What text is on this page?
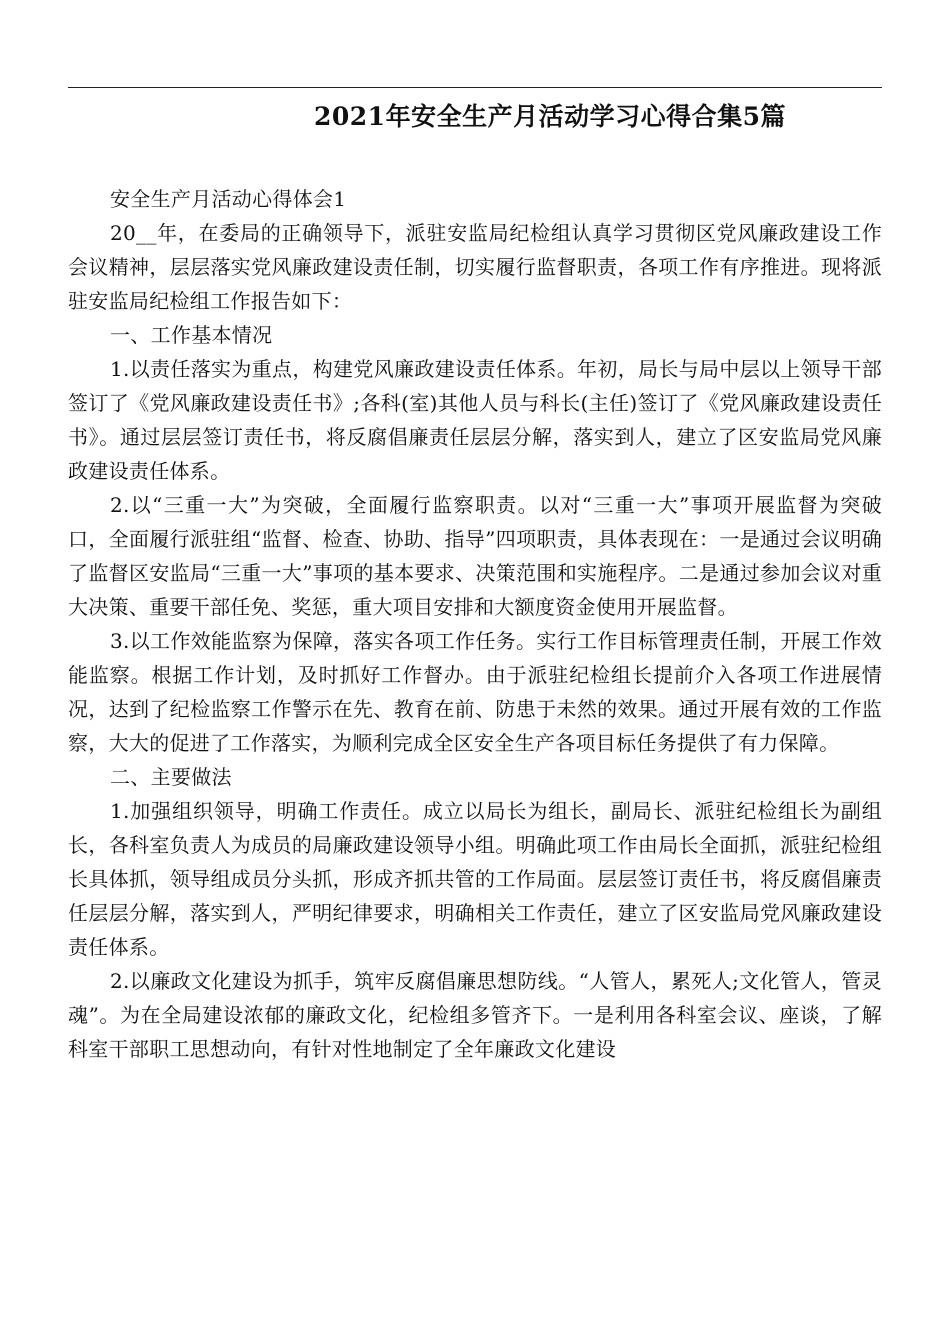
2021年安全生产月活动学习心得合集5篇

安全生产月活动心得体会1

20__年，在委局的正确领导下，派驻安监局纪检组认真学习贯彻区党风廉政建设工作会议精神，层层落实党风廉政建设责任制，切实履行监督职责，各项工作有序推进。现将派驻安监局纪检组工作报告如下：

一、工作基本情况

1.以责任落实为重点，构建党风廉政建设责任体系。年初，局长与局中层以上领导干部签订了《党风廉政建设责任书》;各科(室)其他人员与科长(主任)签订了《党风廉政建设责任书》。通过层层签订责任书，将反腐倡廉责任层层分解，落实到人，建立了区安监局党风廉政建设责任体系。

2.以“三重一大”为突破，全面履行监察职责。以对“三重一大”事项开展监督为突破口，全面履行派驻组“监督、检查、协助、指导”四项职责，具体表现在：一是通过会议明确了监督区安监局“三重一大”事项的基本要求、决策范围和实施程序。二是通过参加会议对重大决策、重要干部任免、奖惩，重大项目安排和大额度资金使用开展监督。

3.以工作效能监察为保障，落实各项工作任务。实行工作目标管理责任制，开展工作效能监察。根据工作计划，及时抓好工作督办。由于派驻纪检组长提前介入各项工作进展情况，达到了纪检监察工作警示在先、教育在前、防患于未然的效果。通过开展有效的工作监察，大大的促进了工作落实，为顺利完成全区安全生产各项目标任务提供了有力保障。

二、主要做法

1.加强组织领导，明确工作责任。成立以局长为组长，副局长、派驻纪检组长为副组长，各科室负责人为成员的局廉政建设领导小组。明确此项工作由局长全面抓，派驻纪检组长具体抓，领导组成员分头抓，形成齐抓共管的工作局面。层层签订责任书，将反腐倡廉责任层层分解，落实到人，严明纪律要求，明确相关工作责任，建立了区安监局党风廉政建设责任体系。

2.以廉政文化建设为抓手，筑牢反腐倡廉思想防线。“人管人，累死人;文化管人，管灵魂”。为在全局建设浓郁的廉政文化，纪检组多管齐下。一是利用各科室会议、座谈，了解科室干部职工思想动向，有针对性地制定了全年廉政文化建设
